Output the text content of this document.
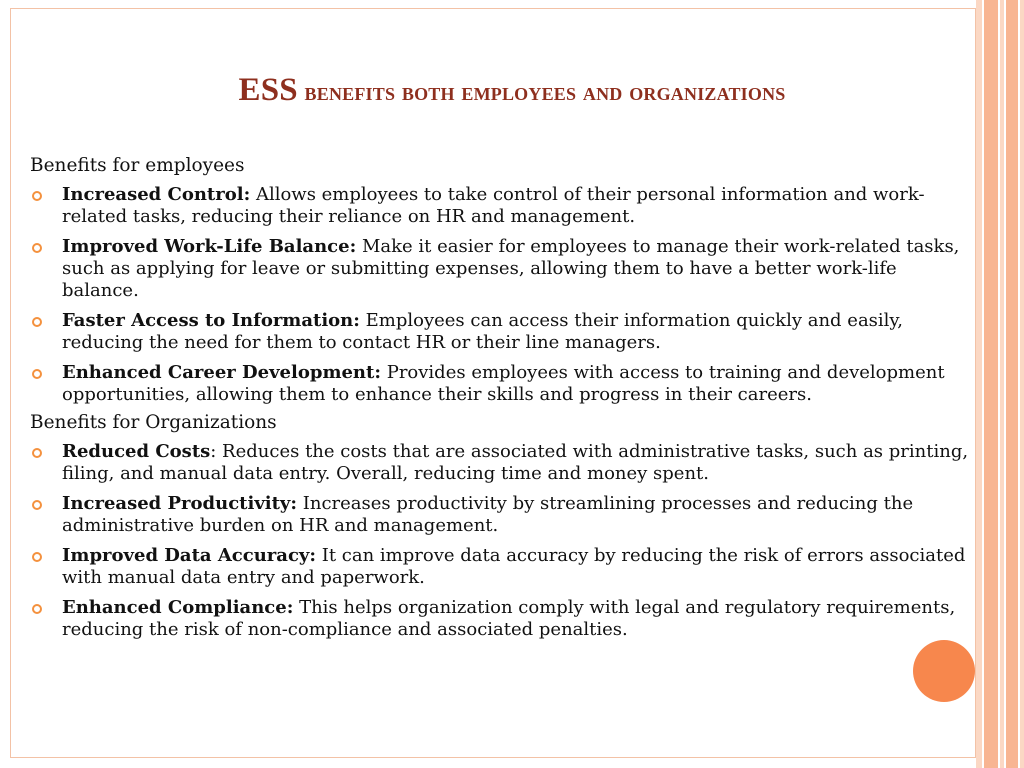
ESS benefits both employees and organizations
Benefits for employees
Increased Control: Allows employees to take control of their personal information and work-related tasks, reducing their reliance on HR and management.
Improved Work-Life Balance: Make it easier for employees to manage their work-related tasks, such as applying for leave or submitting expenses, allowing them to have a better work-life balance.
Faster Access to Information: Employees can access their information quickly and easily, reducing the need for them to contact HR or their line managers.
Enhanced Career Development: Provides employees with access to training and development opportunities, allowing them to enhance their skills and progress in their careers.
Benefits for Organizations
Reduced Costs: Reduces the costs that are associated with administrative tasks, such as printing, filing, and manual data entry. Overall, reducing time and money spent.
Increased Productivity: Increases productivity by streamlining processes and reducing the administrative burden on HR and management.
Improved Data Accuracy: It can improve data accuracy by reducing the risk of errors associated with manual data entry and paperwork.
Enhanced Compliance: This helps organization comply with legal and regulatory requirements, reducing the risk of non-compliance and associated penalties.
